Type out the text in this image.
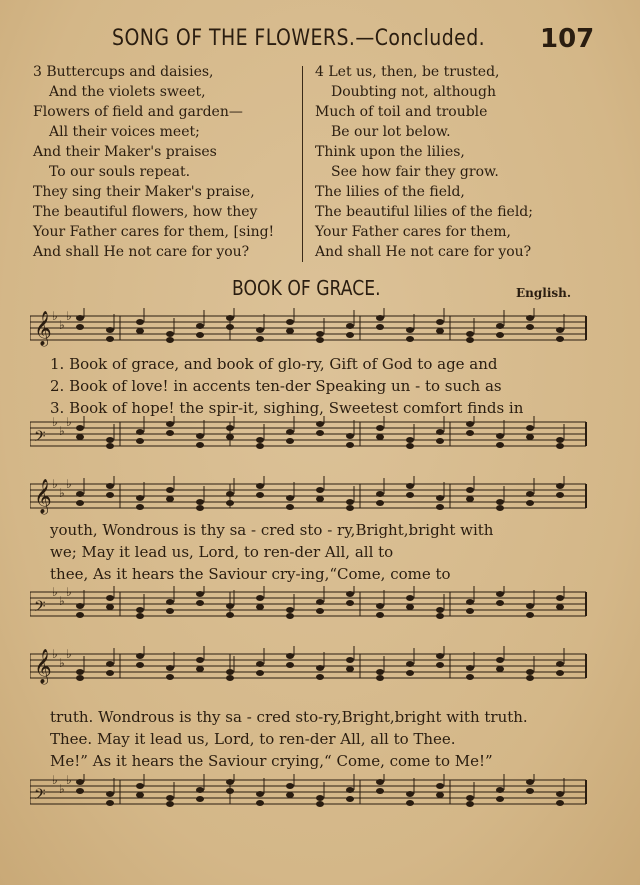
SONG OF THE FLOWERS.—Concluded. 107
3 Buttercups and daisies,
And the violets sweet,
Flowers of field and garden—
All their voices meet;
And their Maker's praises
To our souls repeat.
They sing their Maker's praise,
The beautiful flowers, how they
Your Father cares for them, [sing!
And shall He not care for you?
4 Let us, then, be trusted,
Doubting not, although
Much of toil and trouble
Be our lot below.
Think upon the lilies,
See how fair they grow.
The lilies of the field,
The beautiful lilies of the field;
Your Father cares for them,
And shall He not care for you?
BOOK OF GRACE.	English.
𝄞 ♭
♭
♭
1. Book of grace, and book of glo-ry, Gift of God to age and
2. Book of love! in accents ten-der Speaking un - to such as
3. Book of hope! the spir-it, sighing, Sweetest comfort finds in
𝄢
♭
♭
♭
𝄞 ♭
♭
♭
youth, Wondrous is thy sa - cred sto - ry,Bright,bright with
we; May it lead us, Lord, to ren-der All, all to
thee, As it hears the Saviour cry-ing,“Come, come to
𝄢
♭
♭
♭
𝄞 ♭
♭
♭
truth. Wondrous is thy sa - cred sto-ry,Bright,bright with truth.
Thee. May it lead us, Lord, to ren-der All, all to Thee.
Me!” As it hears the Saviour crying,“ Come, come to Me!”
𝄢
♭
♭
♭
